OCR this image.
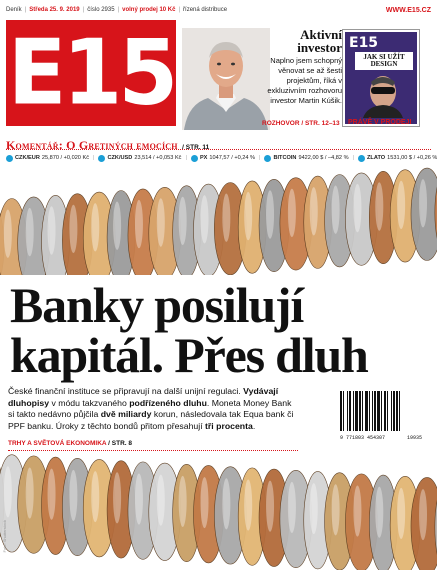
Deník | Středa 25. 9. 2019 | číslo 2935 | volný prodej 10 Kč | řízená distribuce	WWW.E15.CZ
E15	Aktivní
investor

Naplno jsem schopný věnovat se až šesti projektům, říká v exkluzivním rozhovoru investor Martin Kúšik.

ROZHOVOR / STR. 12–13
E15
JAK SI UŽÍT DESIGN
PRÁVĚ V PRODEJI
Komentář: O Gretiných emocích / STR. 11
CZK/EUR 25,870 / +0,020 Kč | CZK/USD 23,514 / +0,053 Kč | PX 1047,57 / +0,24 % | BITCOIN 9422,00 $ / –4,82 % | ZLATO 1531,00 $ / +0,26 %
Banky posilují
kapitál. Přes dluh

České finanční instituce se připravují na další unijní regulaci. Vydávají dluhopisy v módu takzvaného podřízeného dluhu. Moneta Money Bank si takto nedávno půjčila dvě miliardy korun, následovala tak Equa bank či PPF banku. Úroky z těchto bondů přitom přesahují tři procenta.

TRHY A SVĚTOVÁ EKONOMIKA / STR. 8
9 771803 454307	19935
Foto: Shutterstock
